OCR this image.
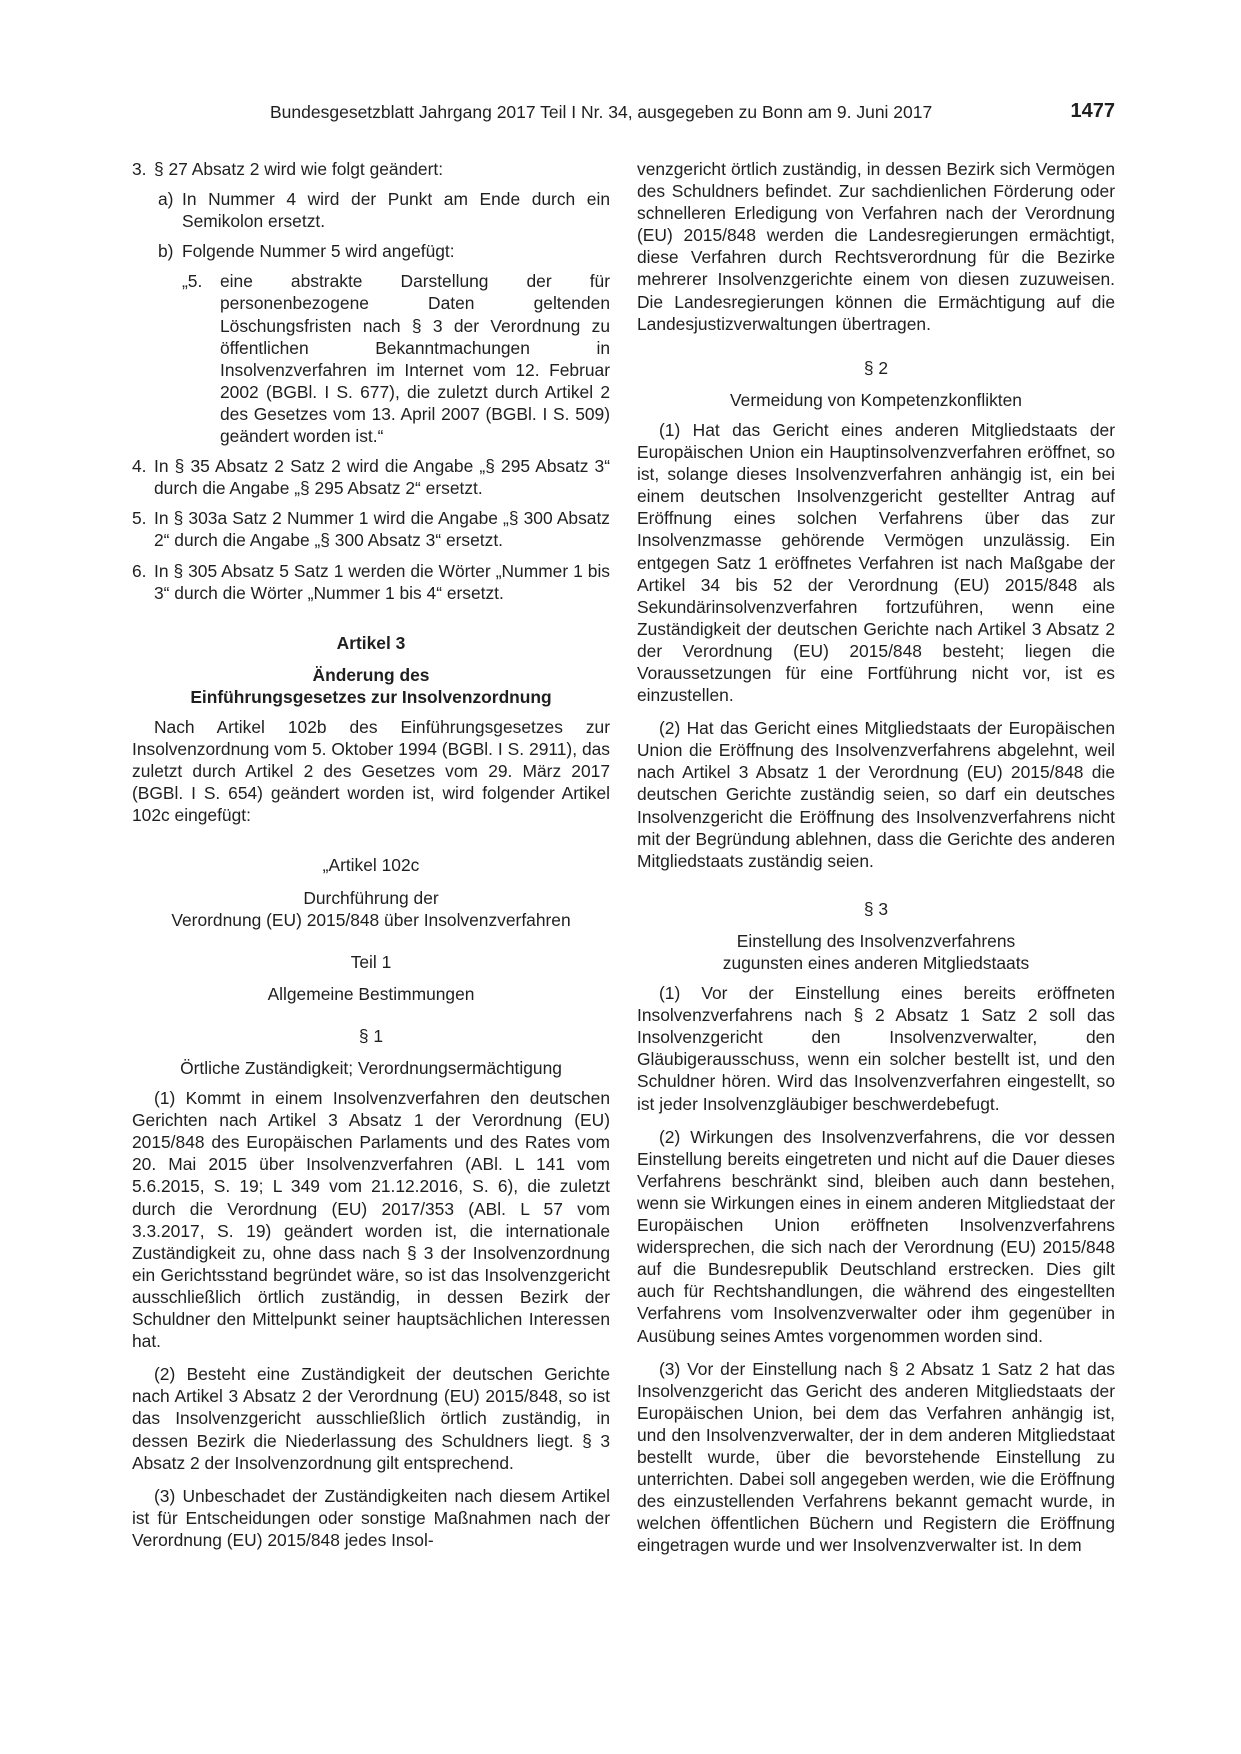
Bundesgesetzblatt Jahrgang 2017 Teil I Nr. 34, ausgegeben zu Bonn am 9. Juni 2017	1477
3. § 27 Absatz 2 wird wie folgt geändert:
a) In Nummer 4 wird der Punkt am Ende durch ein Semikolon ersetzt.
b) Folgende Nummer 5 wird angefügt:
„5. eine abstrakte Darstellung der für personenbezogene Daten geltenden Löschungsfristen nach § 3 der Verordnung zu öffentlichen Bekanntmachungen in Insolvenzverfahren im Internet vom 12. Februar 2002 (BGBl. I S. 677), die zuletzt durch Artikel 2 des Gesetzes vom 13. April 2007 (BGBl. I S. 509) geändert worden ist.“
4. In § 35 Absatz 2 Satz 2 wird die Angabe „§ 295 Absatz 3“ durch die Angabe „§ 295 Absatz 2“ ersetzt.
5. In § 303a Satz 2 Nummer 1 wird die Angabe „§ 300 Absatz 2“ durch die Angabe „§ 300 Absatz 3“ ersetzt.
6. In § 305 Absatz 5 Satz 1 werden die Wörter „Nummer 1 bis 3“ durch die Wörter „Nummer 1 bis 4“ ersetzt.

Artikel 3

Änderung des

Einführungsgesetzes zur Insolvenzordnung

Nach Artikel 102b des Einführungsgesetzes zur Insolvenzordnung vom 5. Oktober 1994 (BGBl. I S. 2911), das zuletzt durch Artikel 2 des Gesetzes vom 29. März 2017 (BGBl. I S. 654) geändert worden ist, wird folgender Artikel 102c eingefügt:

„Artikel 102c

Durchführung der

Verordnung (EU) 2015/848 über Insolvenzverfahren

Teil 1

Allgemeine Bestimmungen

§ 1

Örtliche Zuständigkeit; Verordnungsermächtigung

(1) Kommt in einem Insolvenzverfahren den deutschen Gerichten nach Artikel 3 Absatz 1 der Verordnung (EU) 2015/848 des Europäischen Parlaments und des Rates vom 20. Mai 2015 über Insolvenzverfahren (ABl. L 141 vom 5.6.2015, S. 19; L 349 vom 21.12.2016, S. 6), die zuletzt durch die Verordnung (EU) 2017/353 (ABl. L 57 vom 3.3.2017, S. 19) geändert worden ist, die internationale Zuständigkeit zu, ohne dass nach § 3 der Insolvenzordnung ein Gerichtsstand begründet wäre, so ist das Insolvenzgericht ausschließlich örtlich zuständig, in dessen Bezirk der Schuldner den Mittelpunkt seiner hauptsächlichen Interessen hat.

(2) Besteht eine Zuständigkeit der deutschen Gerichte nach Artikel 3 Absatz 2 der Verordnung (EU) 2015/848, so ist das Insolvenzgericht ausschließlich örtlich zuständig, in dessen Bezirk die Niederlassung des Schuldners liegt. § 3 Absatz 2 der Insolvenzordnung gilt entsprechend.

(3) Unbeschadet der Zuständigkeiten nach diesem Artikel ist für Entscheidungen oder sonstige Maßnahmen nach der Verordnung (EU) 2015/848 jedes Insol-

venzgericht örtlich zuständig, in dessen Bezirk sich Vermögen des Schuldners befindet. Zur sachdienlichen Förderung oder schnelleren Erledigung von Verfahren nach der Verordnung (EU) 2015/848 werden die Landesregierungen ermächtigt, diese Verfahren durch Rechtsverordnung für die Bezirke mehrerer Insolvenzgerichte einem von diesen zuzuweisen. Die Landesregierungen können die Ermächtigung auf die Landesjustizverwaltungen übertragen.

§ 2

Vermeidung von Kompetenzkonflikten

(1) Hat das Gericht eines anderen Mitgliedstaats der Europäischen Union ein Hauptinsolvenzverfahren eröffnet, so ist, solange dieses Insolvenzverfahren anhängig ist, ein bei einem deutschen Insolvenzgericht gestellter Antrag auf Eröffnung eines solchen Verfahrens über das zur Insolvenzmasse gehörende Vermögen unzulässig. Ein entgegen Satz 1 eröffnetes Verfahren ist nach Maßgabe der Artikel 34 bis 52 der Verordnung (EU) 2015/848 als Sekundärinsolvenzverfahren fortzuführen, wenn eine Zuständigkeit der deutschen Gerichte nach Artikel 3 Absatz 2 der Verordnung (EU) 2015/848 besteht; liegen die Voraussetzungen für eine Fortführung nicht vor, ist es einzustellen.

(2) Hat das Gericht eines Mitgliedstaats der Europäischen Union die Eröffnung des Insolvenzverfahrens abgelehnt, weil nach Artikel 3 Absatz 1 der Verordnung (EU) 2015/848 die deutschen Gerichte zuständig seien, so darf ein deutsches Insolvenzgericht die Eröffnung des Insolvenzverfahrens nicht mit der Begründung ablehnen, dass die Gerichte des anderen Mitgliedstaats zuständig seien.

§ 3

Einstellung des Insolvenzverfahrens

zugunsten eines anderen Mitgliedstaats

(1) Vor der Einstellung eines bereits eröffneten Insolvenzverfahrens nach § 2 Absatz 1 Satz 2 soll das Insolvenzgericht den Insolvenzverwalter, den Gläubigerausschuss, wenn ein solcher bestellt ist, und den Schuldner hören. Wird das Insolvenzverfahren eingestellt, so ist jeder Insolvenzgläubiger beschwerdebefugt.

(2) Wirkungen des Insolvenzverfahrens, die vor dessen Einstellung bereits eingetreten und nicht auf die Dauer dieses Verfahrens beschränkt sind, bleiben auch dann bestehen, wenn sie Wirkungen eines in einem anderen Mitgliedstaat der Europäischen Union eröffneten Insolvenzverfahrens widersprechen, die sich nach der Verordnung (EU) 2015/848 auf die Bundesrepublik Deutschland erstrecken. Dies gilt auch für Rechtshandlungen, die während des eingestellten Verfahrens vom Insolvenzverwalter oder ihm gegenüber in Ausübung seines Amtes vorgenommen worden sind.

(3) Vor der Einstellung nach § 2 Absatz 1 Satz 2 hat das Insolvenzgericht das Gericht des anderen Mitgliedstaats der Europäischen Union, bei dem das Verfahren anhängig ist, und den Insolvenzverwalter, der in dem anderen Mitgliedstaat bestellt wurde, über die bevorstehende Einstellung zu unterrichten. Dabei soll angegeben werden, wie die Eröffnung des einzustellenden Verfahrens bekannt gemacht wurde, in welchen öffentlichen Büchern und Registern die Eröffnung eingetragen wurde und wer Insolvenzverwalter ist. In dem
